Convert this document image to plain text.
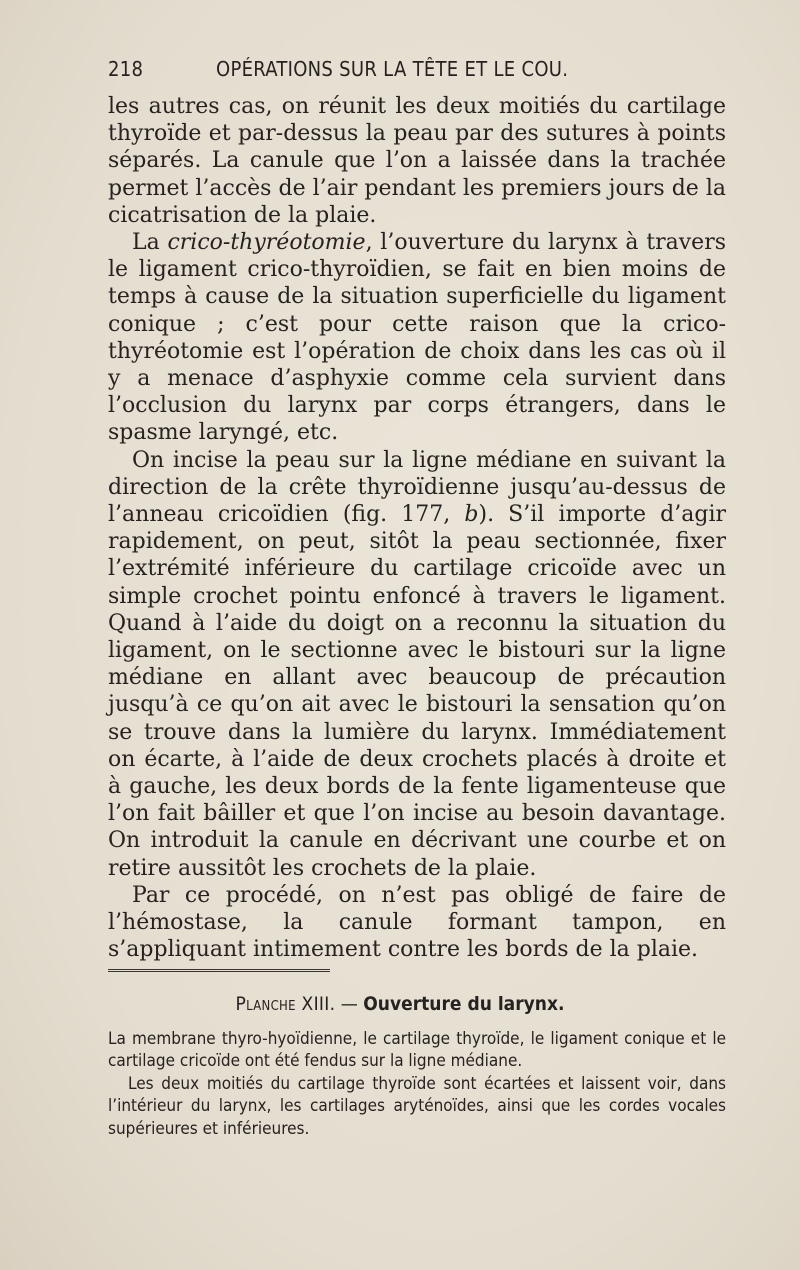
218	OPÉRATIONS SUR LA TÊTE ET LE COU.

les autres cas, on réunit les deux moitiés du cartilage thyroïde et par-dessus la peau par des sutures à points séparés. La canule que l’on a laissée dans la trachée permet l’accès de l’air pendant les premiers jours de la cicatrisation de la plaie.

La crico-thyréotomie, l’ouverture du larynx à travers le ligament crico-thyroïdien, se fait en bien moins de temps à cause de la situation superficielle du ligament conique ; c’est pour cette raison que la crico-thyréotomie est l’opération de choix dans les cas où il y a menace d’asphyxie comme cela survient dans l’occlusion du larynx par corps étrangers, dans le spasme laryngé, etc.

On incise la peau sur la ligne médiane en suivant la direction de la crête thyroïdienne jusqu’au-dessus de l’anneau cricoïdien (fig. 177, b). S’il importe d’agir rapidement, on peut, sitôt la peau sectionnée, fixer l’extrémité inférieure du cartilage cricoïde avec un simple crochet pointu enfoncé à travers le ligament. Quand à l’aide du doigt on a reconnu la situation du ligament, on le sectionne avec le bistouri sur la ligne médiane en allant avec beaucoup de précaution jusqu’à ce qu’on ait avec le bistouri la sensation qu’on se trouve dans la lumière du larynx. Immédiatement on écarte, à l’aide de deux crochets placés à droite et à gauche, les deux bords de la fente ligamenteuse que l’on fait bâiller et que l’on incise au besoin davantage. On introduit la canule en décrivant une courbe et on retire aussitôt les crochets de la plaie.

Par ce procédé, on n’est pas obligé de faire de l’hémostase, la canule formant tampon, en s’appliquant intimement contre les bords de la plaie.

Planche XIII. — Ouverture du larynx.

La membrane thyro-hyoïdienne, le cartilage thyroïde, le ligament conique et le cartilage cricoïde ont été fendus sur la ligne médiane.

Les deux moitiés du cartilage thyroïde sont écartées et laissent voir, dans l’intérieur du larynx, les cartilages aryténoïdes, ainsi que les cordes vocales supérieures et inférieures.
